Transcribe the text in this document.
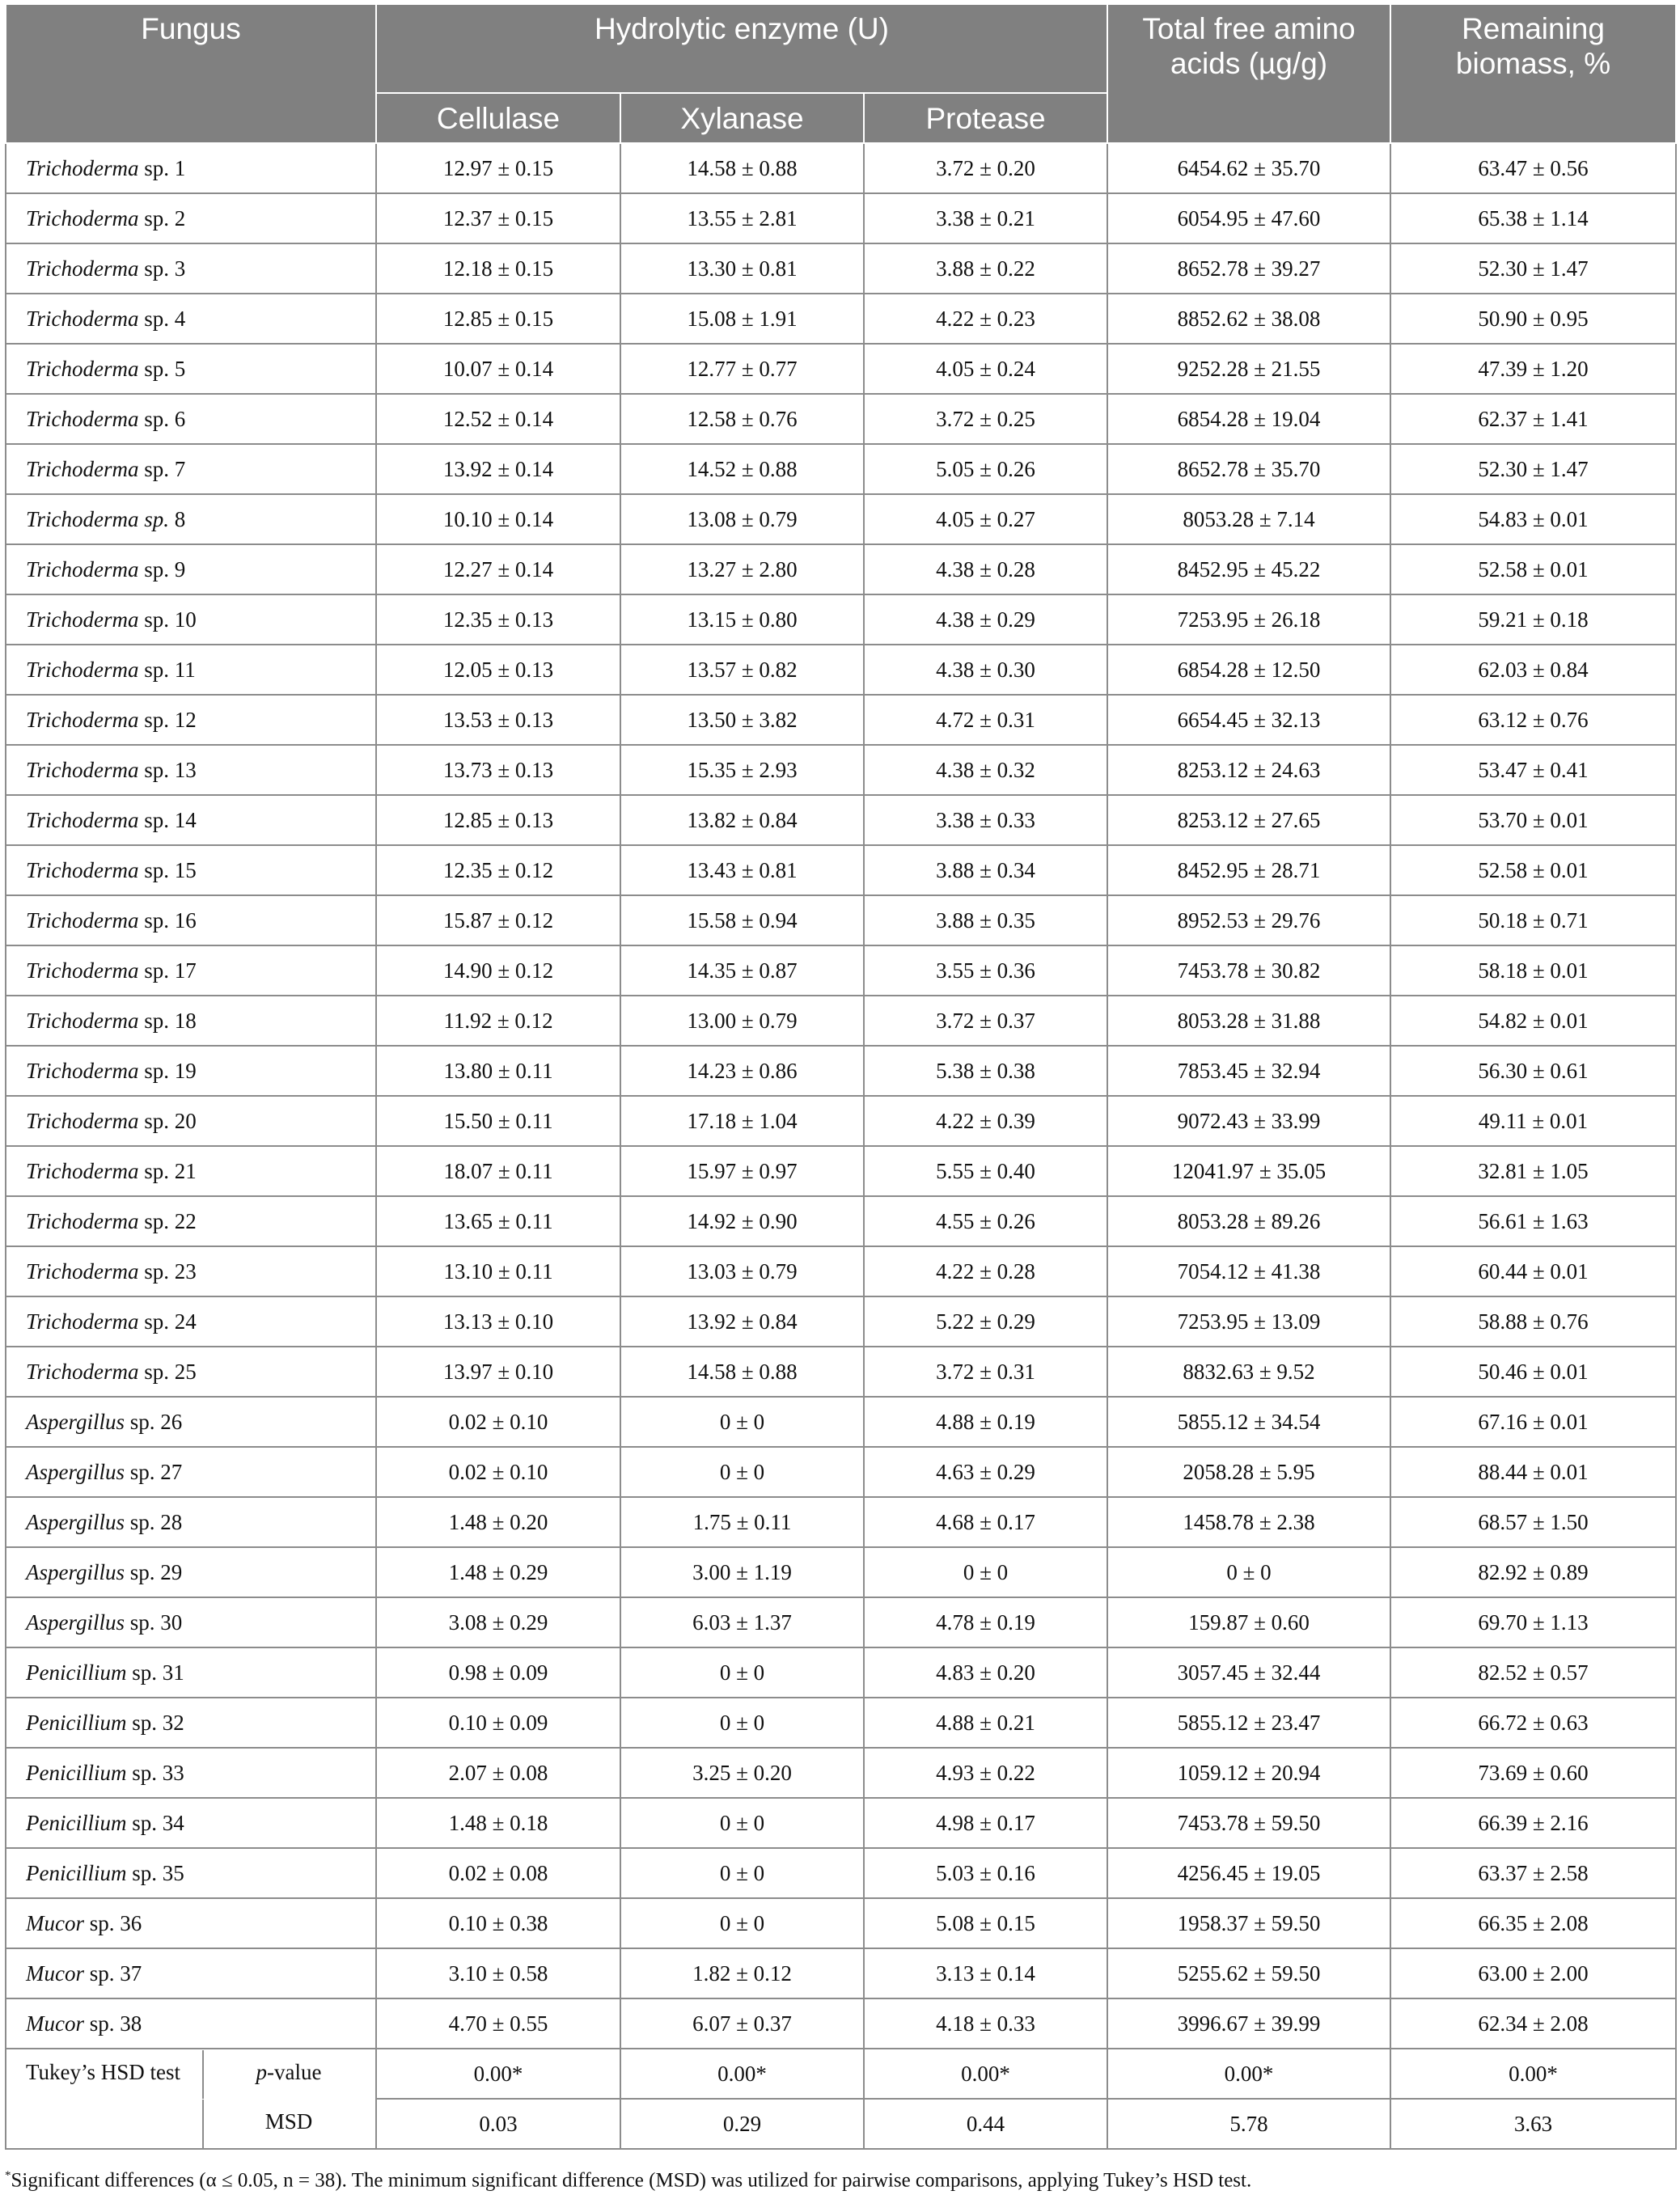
Fungus	Hydrolytic enzyme (U)			Total free amino acids (µg/g)	Remaining biomass, %
	Cellulase	Xylanase	Protease		
Trichoderma sp. 1	12.97 ± 0.15	14.58 ± 0.88	3.72 ± 0.20	6454.62 ± 35.70	63.47 ± 0.56
Trichoderma sp. 2	12.37 ± 0.15	13.55 ± 2.81	3.38 ± 0.21	6054.95 ± 47.60	65.38 ± 1.14
Trichoderma sp. 3	12.18 ± 0.15	13.30 ± 0.81	3.88 ± 0.22	8652.78 ± 39.27	52.30 ± 1.47
Trichoderma sp. 4	12.85 ± 0.15	15.08 ± 1.91	4.22 ± 0.23	8852.62 ± 38.08	50.90 ± 0.95
Trichoderma sp. 5	10.07 ± 0.14	12.77 ± 0.77	4.05 ± 0.24	9252.28 ± 21.55	47.39 ± 1.20
Trichoderma sp. 6	12.52 ± 0.14	12.58 ± 0.76	3.72 ± 0.25	6854.28 ± 19.04	62.37 ± 1.41
Trichoderma sp. 7	13.92 ± 0.14	14.52 ± 0.88	5.05 ± 0.26	8652.78 ± 35.70	52.30 ± 1.47
Trichoderma sp. 8	10.10 ± 0.14	13.08 ± 0.79	4.05 ± 0.27	8053.28 ± 7.14	54.83 ± 0.01
Trichoderma sp. 9	12.27 ± 0.14	13.27 ± 2.80	4.38 ± 0.28	8452.95 ± 45.22	52.58 ± 0.01
Trichoderma sp. 10	12.35 ± 0.13	13.15 ± 0.80	4.38 ± 0.29	7253.95 ± 26.18	59.21 ± 0.18
Trichoderma sp. 11	12.05 ± 0.13	13.57 ± 0.82	4.38 ± 0.30	6854.28 ± 12.50	62.03 ± 0.84
Trichoderma sp. 12	13.53 ± 0.13	13.50 ± 3.82	4.72 ± 0.31	6654.45 ± 32.13	63.12 ± 0.76
Trichoderma sp. 13	13.73 ± 0.13	15.35 ± 2.93	4.38 ± 0.32	8253.12 ± 24.63	53.47 ± 0.41
Trichoderma sp. 14	12.85 ± 0.13	13.82 ± 0.84	3.38 ± 0.33	8253.12 ± 27.65	53.70 ± 0.01
Trichoderma sp. 15	12.35 ± 0.12	13.43 ± 0.81	3.88 ± 0.34	8452.95 ± 28.71	52.58 ± 0.01
Trichoderma sp. 16	15.87 ± 0.12	15.58 ± 0.94	3.88 ± 0.35	8952.53 ± 29.76	50.18 ± 0.71
Trichoderma sp. 17	14.90 ± 0.12	14.35 ± 0.87	3.55 ± 0.36	7453.78 ± 30.82	58.18 ± 0.01
Trichoderma sp. 18	11.92 ± 0.12	13.00 ± 0.79	3.72 ± 0.37	8053.28 ± 31.88	54.82 ± 0.01
Trichoderma sp. 19	13.80 ± 0.11	14.23 ± 0.86	5.38 ± 0.38	7853.45 ± 32.94	56.30 ± 0.61
Trichoderma sp. 20	15.50 ± 0.11	17.18 ± 1.04	4.22 ± 0.39	9072.43 ± 33.99	49.11 ± 0.01
Trichoderma sp. 21	18.07 ± 0.11	15.97 ± 0.97	5.55 ± 0.40	12041.97 ± 35.05	32.81 ± 1.05
Trichoderma sp. 22	13.65 ± 0.11	14.92 ± 0.90	4.55 ± 0.26	8053.28 ± 89.26	56.61 ± 1.63
Trichoderma sp. 23	13.10 ± 0.11	13.03 ± 0.79	4.22 ± 0.28	7054.12 ± 41.38	60.44 ± 0.01
Trichoderma sp. 24	13.13 ± 0.10	13.92 ± 0.84	5.22 ± 0.29	7253.95 ± 13.09	58.88 ± 0.76
Trichoderma sp. 25	13.97 ± 0.10	14.58 ± 0.88	3.72 ± 0.31	8832.63 ± 9.52	50.46 ± 0.01
Aspergillus sp. 26	0.02 ± 0.10	0 ± 0	4.88 ± 0.19	5855.12 ± 34.54	67.16 ± 0.01
Aspergillus sp. 27	0.02 ± 0.10	0 ± 0	4.63 ± 0.29	2058.28 ± 5.95	88.44 ± 0.01
Aspergillus sp. 28	1.48 ± 0.20	1.75 ± 0.11	4.68 ± 0.17	1458.78 ± 2.38	68.57 ± 1.50
Aspergillus sp. 29	1.48 ± 0.29	3.00 ± 1.19	0 ± 0	0 ± 0	82.92 ± 0.89
Aspergillus sp. 30	3.08 ± 0.29	6.03 ± 1.37	4.78 ± 0.19	159.87 ± 0.60	69.70 ± 1.13
Penicillium sp. 31	0.98 ± 0.09	0 ± 0	4.83 ± 0.20	3057.45 ± 32.44	82.52 ± 0.57
Penicillium sp. 32	0.10 ± 0.09	0 ± 0	4.88 ± 0.21	5855.12 ± 23.47	66.72 ± 0.63
Penicillium sp. 33	2.07 ± 0.08	3.25 ± 0.20	4.93 ± 0.22	1059.12 ± 20.94	73.69 ± 0.60
Penicillium sp. 34	1.48 ± 0.18	0 ± 0	4.98 ± 0.17	7453.78 ± 59.50	66.39 ± 2.16
Penicillium sp. 35	0.02 ± 0.08	0 ± 0	5.03 ± 0.16	4256.45 ± 19.05	63.37 ± 2.58
Mucor sp. 36	0.10 ± 0.38	0 ± 0	5.08 ± 0.15	1958.37 ± 59.50	66.35 ± 2.08
Mucor sp. 37	3.10 ± 0.58	1.82 ± 0.12	3.13 ± 0.14	5255.62 ± 59.50	63.00 ± 2.00
Mucor sp. 38	4.70 ± 0.55	6.07 ± 0.37	4.18 ± 0.33	3996.67 ± 39.99	62.34 ± 2.08
Tukey’s HSD test p-value	0.00*	0.00*	0.00*	0.00*	0.00*
MSD	0.03	0.29	0.44	5.78	3.63
*Significant differences (α ≤ 0.05, n = 38). The minimum significant difference (MSD) was utilized for pairwise comparisons, applying Tukey’s HSD test.
